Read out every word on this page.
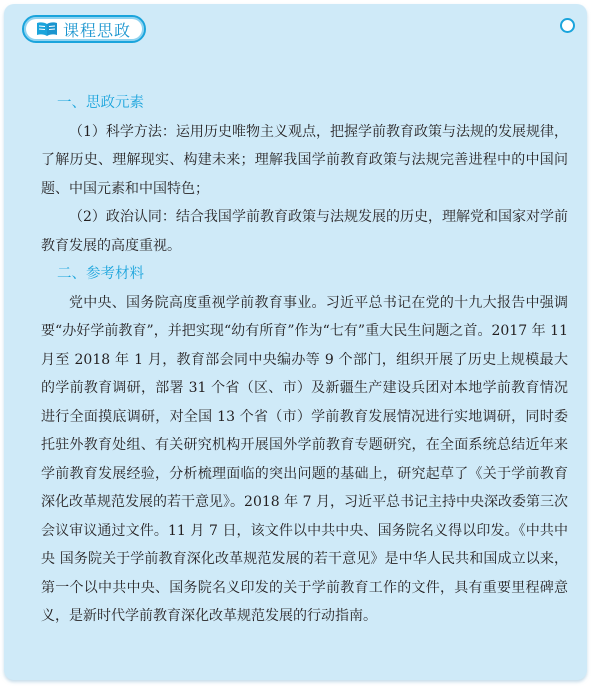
课程思政
一、思政元素

（1）科学方法：运用历史唯物主义观点，把握学前教育政策与法规的发展规律，了解历史、理解现实、构建未来；理解我国学前教育政策与法规完善进程中的中国问题、中国元素和中国特色；

（2）政治认同：结合我国学前教育政策与法规发展的历史，理解党和国家对学前教育发展的高度重视。

二、参考材料

党中央、国务院高度重视学前教育事业。习近平总书记在党的十九大报告中强调要“办好学前教育”，并把实现“幼有所育”作为“七有”重大民生问题之首。2017 年 11 月至 2018 年 1 月，教育部会同中央编办等 9 个部门，组织开展了历史上规模最大的学前教育调研，部署 31 个省（区、市）及新疆生产建设兵团对本地学前教育情况进行全面摸底调研，对全国 13 个省（市）学前教育发展情况进行实地调研，同时委托驻外教育处组、有关研究机构开展国外学前教育专题研究，在全面系统总结近年来学前教育发展经验，分析梳理面临的突出问题的基础上，研究起草了《关于学前教育深化改革规范发展的若干意见》。2018 年 7 月，习近平总书记主持中央深改委第三次会议审议通过文件。11 月 7 日，该文件以中共中央、国务院名义得以印发。《中共中央 国务院关于学前教育深化改革规范发展的若干意见》是中华人民共和国成立以来，第一个以中共中央、国务院名义印发的关于学前教育工作的文件，具有重要里程碑意义，是新时代学前教育深化改革规范发展的行动指南。
